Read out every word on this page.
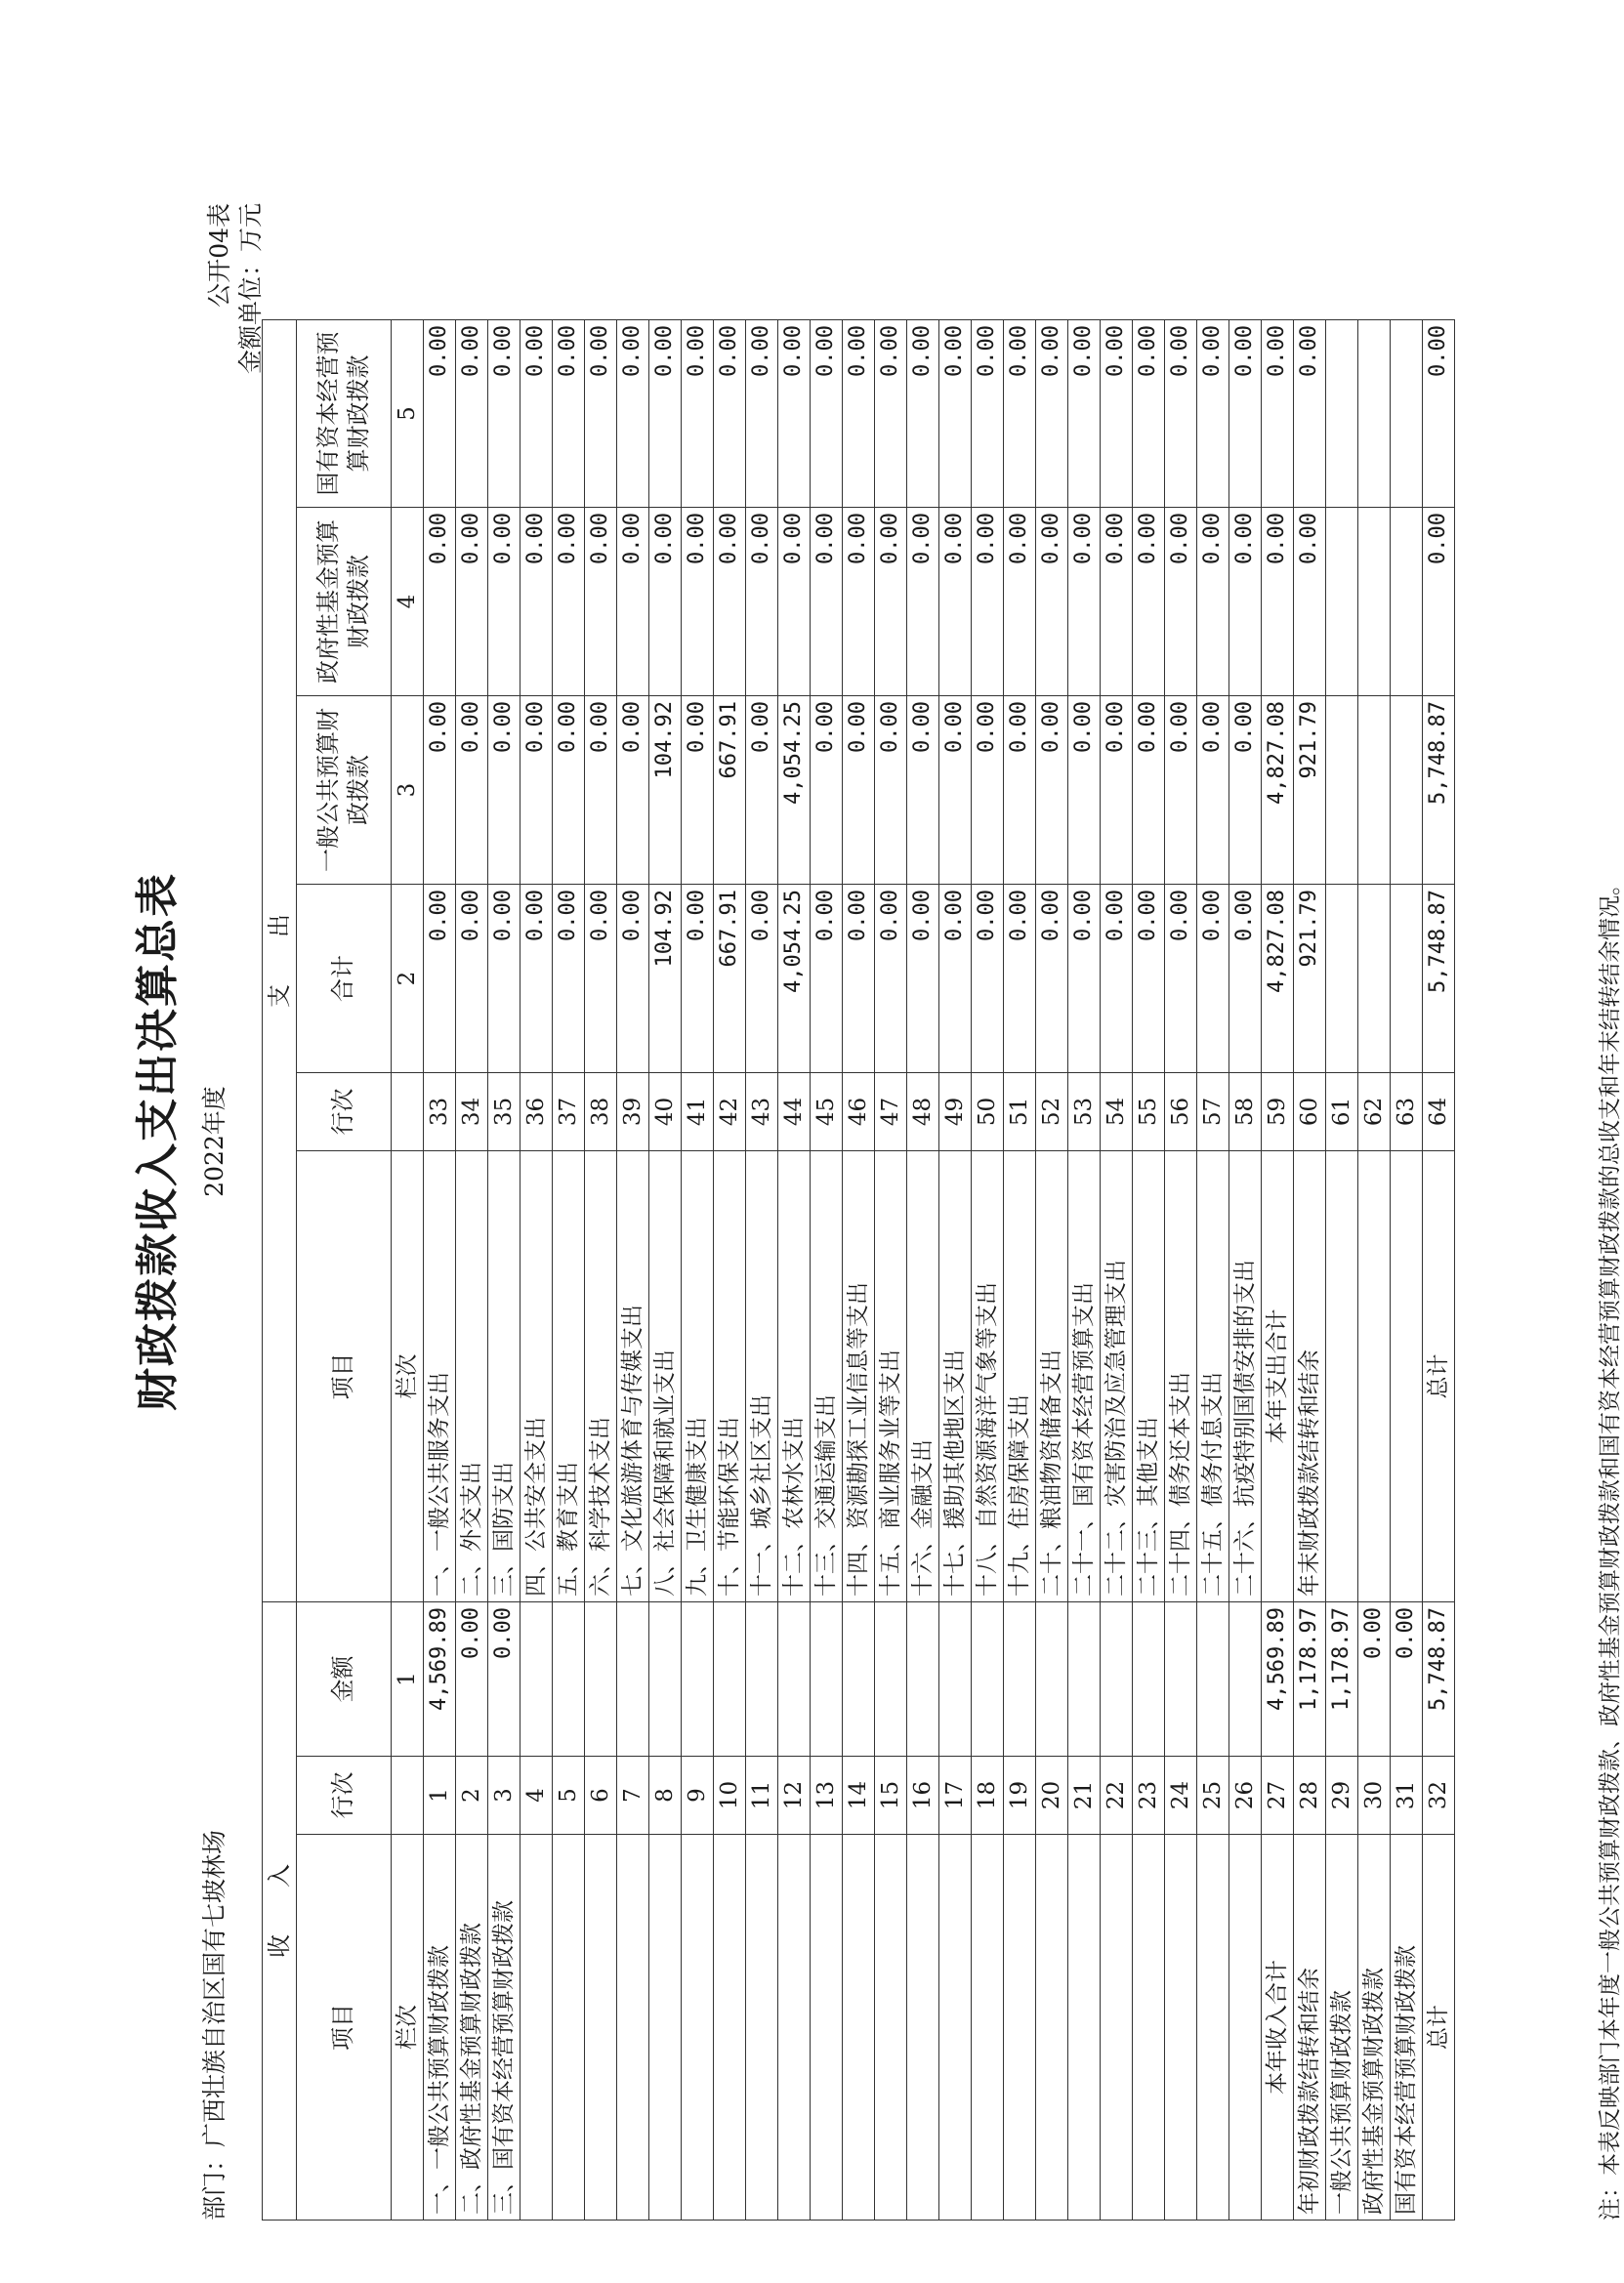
财政拨款收入支出决算总表
部门：广西壮族自治区国有七坡林场
2022年度
公开04表 金额单位：万元
收　　入			支　　出					
项目	行次	金额	项目	行次	合计	一般公共预算财政拨款	政府性基金预算财政拨款	国有资本经营预算财政拨款
栏次		1	栏次		2	3	4	5
一、一般公共预算财政拨款	1	4,569.89	一、一般公共服务支出	33	0.00	0.00	0.00	0.00
二、政府性基金预算财政拨款	2	0.00	二、外交支出	34	0.00	0.00	0.00	0.00
三、国有资本经营预算财政拨款	3	0.00	三、国防支出	35	0.00	0.00	0.00	0.00
	4		四、公共安全支出	36	0.00	0.00	0.00	0.00
	5		五、教育支出	37	0.00	0.00	0.00	0.00
	6		六、科学技术支出	38	0.00	0.00	0.00	0.00
	7		七、文化旅游体育与传媒支出	39	0.00	0.00	0.00	0.00
	8		八、社会保障和就业支出	40	104.92	104.92	0.00	0.00
	9		九、卫生健康支出	41	0.00	0.00	0.00	0.00
	10		十、节能环保支出	42	667.91	667.91	0.00	0.00
	11		十一、城乡社区支出	43	0.00	0.00	0.00	0.00
	12		十二、农林水支出	44	4,054.25	4,054.25	0.00	0.00
	13		十三、交通运输支出	45	0.00	0.00	0.00	0.00
	14		十四、资源勘探工业信息等支出	46	0.00	0.00	0.00	0.00
	15		十五、商业服务业等支出	47	0.00	0.00	0.00	0.00
	16		十六、金融支出	48	0.00	0.00	0.00	0.00
	17		十七、援助其他地区支出	49	0.00	0.00	0.00	0.00
	18		十八、自然资源海洋气象等支出	50	0.00	0.00	0.00	0.00
	19		十九、住房保障支出	51	0.00	0.00	0.00	0.00
	20		二十、粮油物资储备支出	52	0.00	0.00	0.00	0.00
	21		二十一、国有资本经营预算支出	53	0.00	0.00	0.00	0.00
	22		二十二、灾害防治及应急管理支出	54	0.00	0.00	0.00	0.00
	23		二十三、其他支出	55	0.00	0.00	0.00	0.00
	24		二十四、债务还本支出	56	0.00	0.00	0.00	0.00
	25		二十五、债务付息支出	57	0.00	0.00	0.00	0.00
	26		二十六、抗疫特别国债安排的支出	58	0.00	0.00	0.00	0.00
本年收入合计	27	4,569.89	本年支出合计	59	4,827.08	4,827.08	0.00	0.00
年初财政拨款结转和结余	28	1,178.97	年末财政拨款结转和结余	60	921.79	921.79	0.00	0.00
一般公共预算财政拨款	29	1,178.97		61				
政府性基金预算财政拨款	30	0.00		62				
国有资本经营预算财政拨款	31	0.00		63				
总计	32	5,748.87	总计	64	5,748.87	5,748.87	0.00	0.00
注：本表反映部门本年度一般公共预算财政拨款、政府性基金预算财政拨款和国有资本经营预算财政拨款的总收支和年末结转结余情况。
